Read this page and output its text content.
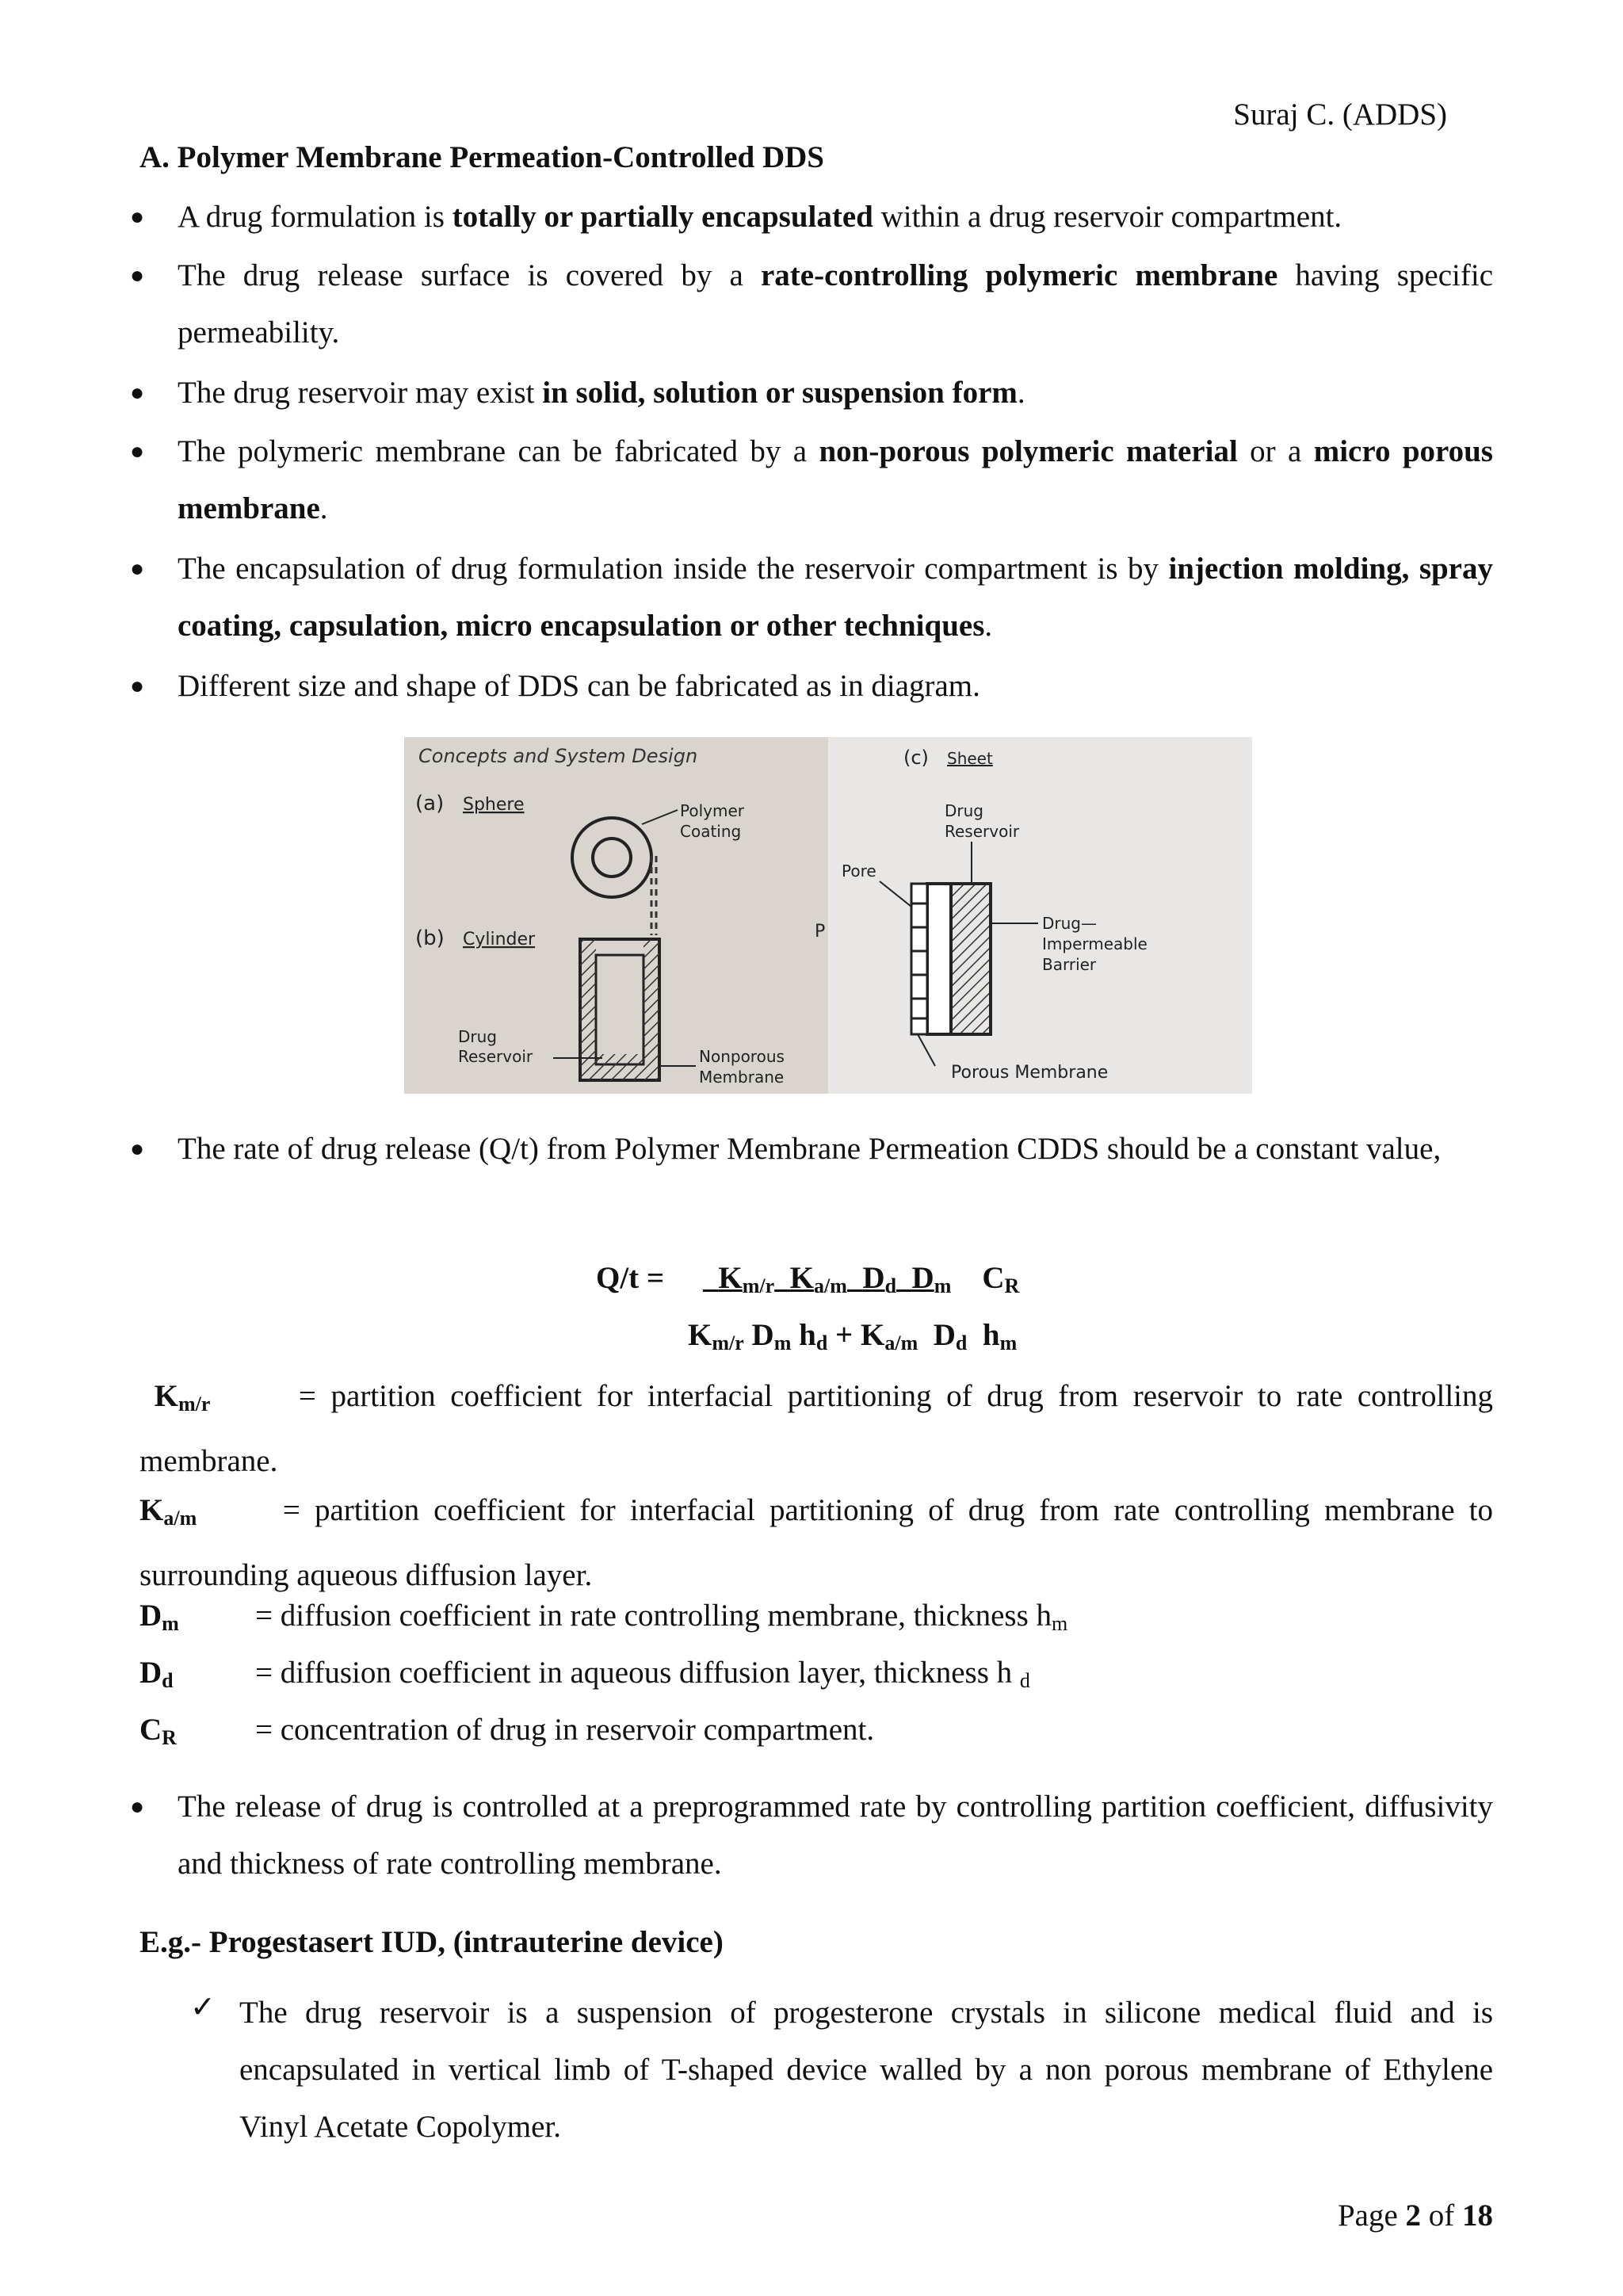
Suraj C. (ADDS)
A. Polymer Membrane Permeation-Controlled DDS
● A drug formulation is totally or partially encapsulated within a drug reservoir compartment.
● The drug release surface is covered by a rate-controlling polymeric membrane having specific permeability.
● The drug reservoir may exist in solid, solution or suspension form.
● The polymeric membrane can be fabricated by a non-porous polymeric material or a micro porous membrane.
● The encapsulation of drug formulation inside the reservoir compartment is by injection molding, spray coating, capsulation, micro encapsulation or other techniques.
● Different size and shape of DDS can be fabricated as in diagram.
Concepts and System Design
(a) Sphere	Polymer
Coating
(b) Cylinder
Drug
Reservoir	Nonporous
Membrane
P
(c) Sheet
Drug
Reservoir
Pore
Drug—
Impermeable
Barrier
Porous Membrane
● The rate of drug release (Q/t) from Polymer Membrane Permeation CDDS should be a constant value,
$Q/t = K_{m/r}$ $K_{a/m}$ $D_d$ $D_m$ $C_R$
$K_{m/r}$ $D_m$ $h_d + K_{a/m}$ $D_d$ $h_m$
$K_{m/r}$	= partition coefficient for interfacial partitioning of drug from reservoir to rate controlling membrane.
$K_{a/m}$	= partition coefficient for interfacial partitioning of drug from rate controlling membrane to surrounding aqueous diffusion layer.
$D_m$ = diffusion coefficient in rate controlling membrane, thickness $h_m$
$D_d$	= diffusion coefficient in aqueous diffusion layer, thickness h $_d$
$C_R$	= concentration of drug in reservoir compartment.
● The release of drug is controlled at a preprogrammed rate by controlling partition coefficient, diffusivity and thickness of rate controlling membrane.
E.g.- Progestasert IUD, (intrauterine device)
✓ The drug reservoir is a suspension of progesterone crystals in silicone medical fluid and is encapsulated in vertical limb of T-shaped device walled by a non porous membrane of Ethylene Vinyl Acetate Copolymer.
Page 2 of 18
